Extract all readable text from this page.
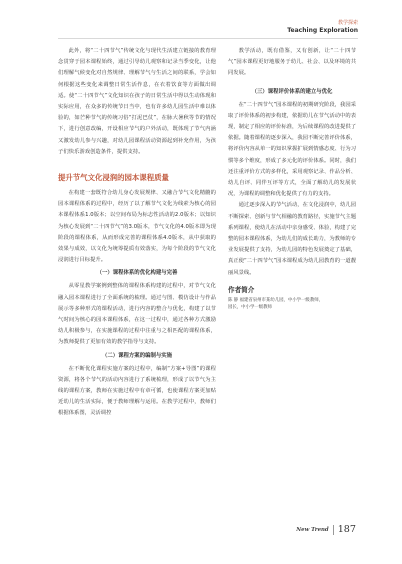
教学探索
Teaching Exploration

此外，将“二十四节气”传统文化与现代生活建立链接的教育理念贯穿于园本课程始终，通过引导幼儿观察和记录当季变化，让他们理解气候变化对自然规律、理解节气与生活之间的联系，学会如何根据这些变化来调整日常生活作息，在衣着饮食等方面做出调适。使“二十四节气”文化知识在孩子的日常生活中得以生动体现和实际应用，在众多的传统节日当中，也有许多幼儿园生活中难以体验的，如芒种节气的传统习俗“打泥巴仗”，在脉大暑秋等节的情况下，进行创意改编，开设相应节气的户外活动，既体现了节气内涵又激发幼儿参与兴趣，对幼儿园课程活动资源起到补充作用，为孩子们快乐游戏创造条件，提供支持。

提升节气文化浸润的园本课程质量

在构建一套既符合幼儿身心发展规律、又融合节气文化精髓的园本课程体系的过程中，经历了以了解节气文化为线索为核心的园本课程体系1.0版本；以空间布局为标志性活动的2.0版本；以知识为核心发展到“二十四节气”的3.0版本，节气文化的4.0版本即为现阶段的课程体系，从而形成完善的课程体系4.0版本，从中获取的效果与成效，以文化为统筹提质有效落实，为每个阶段的节气文化浸润进行目标提升。

（一）课程体系的优化构建与完善

从零星教学案例到整体的课程体系构建的过程中，对节气文化融入园本课程进行了全面系统的梳理。通过与图、模仿设计与作品展示等多种形式的课程活动，进行内容的整合与优化，构建了以节气时间为核心的园本课程体系，在这一过程中，通过各种方式激励幼儿积极参与，在实施课程的过程中注重与之相匹配的课程体系，为教师提供了更加有效的教学指导与支持。

（二）课程方案的编制与实施

在不断优化课程实施方案的过程中，编制“方案+导图”的课程资源，将各个节气的活动内容进行了系统梳理，形成了以节气为主线的课程方案，教师在实施过程中有章可循，也使课程方案更加贴近幼儿的生活实际，便于教师理解与运用。在教学过程中，教师们根据体系图，灵活调控

教学活动，既有借鉴，又有创新，让“二十四节气”园本课程更好地服务于幼儿、社会、以及环境的共同发展。

（三）课程评价体系的建立与优化

在“二十四节气”园本课程的初期研究阶段，我园采取了评价体系的初步构建，依据幼儿在节气活动中的表现，制定了相应的评价标准，为后续课程的改进提供了依据。随着课程的逐步深入，我园不断完善评价体系，将评价内容从单一的知识掌握扩展到情感态度、行为习惯等多个维度，形成了多元化的评价体系。同时，我们还注重评价方式的多样化，采用观察记录、作品分析、幼儿自评、同伴互评等方式，全面了解幼儿的发展状况，为课程的调整和优化提供了有力的支持。

通过逐步深入的节气活动，在文化浸润中，幼儿园不断探索、创新与节气相融的教育路径，实施节气主题系列课程，使幼儿在活动中亲身感受、体验，构建了完整的园本课程体系，为幼儿们的成长助力，为教师的专业发展提供了支持，为幼儿园的特色发展奠定了基础，真正使“二十四节气”园本课程成为幼儿园教育的一道靓丽风景线。

作者简介

陈 静 福建省泉州市某幼儿园，中小学一级教师，

园长，中小学一级教师

New Trend 187
